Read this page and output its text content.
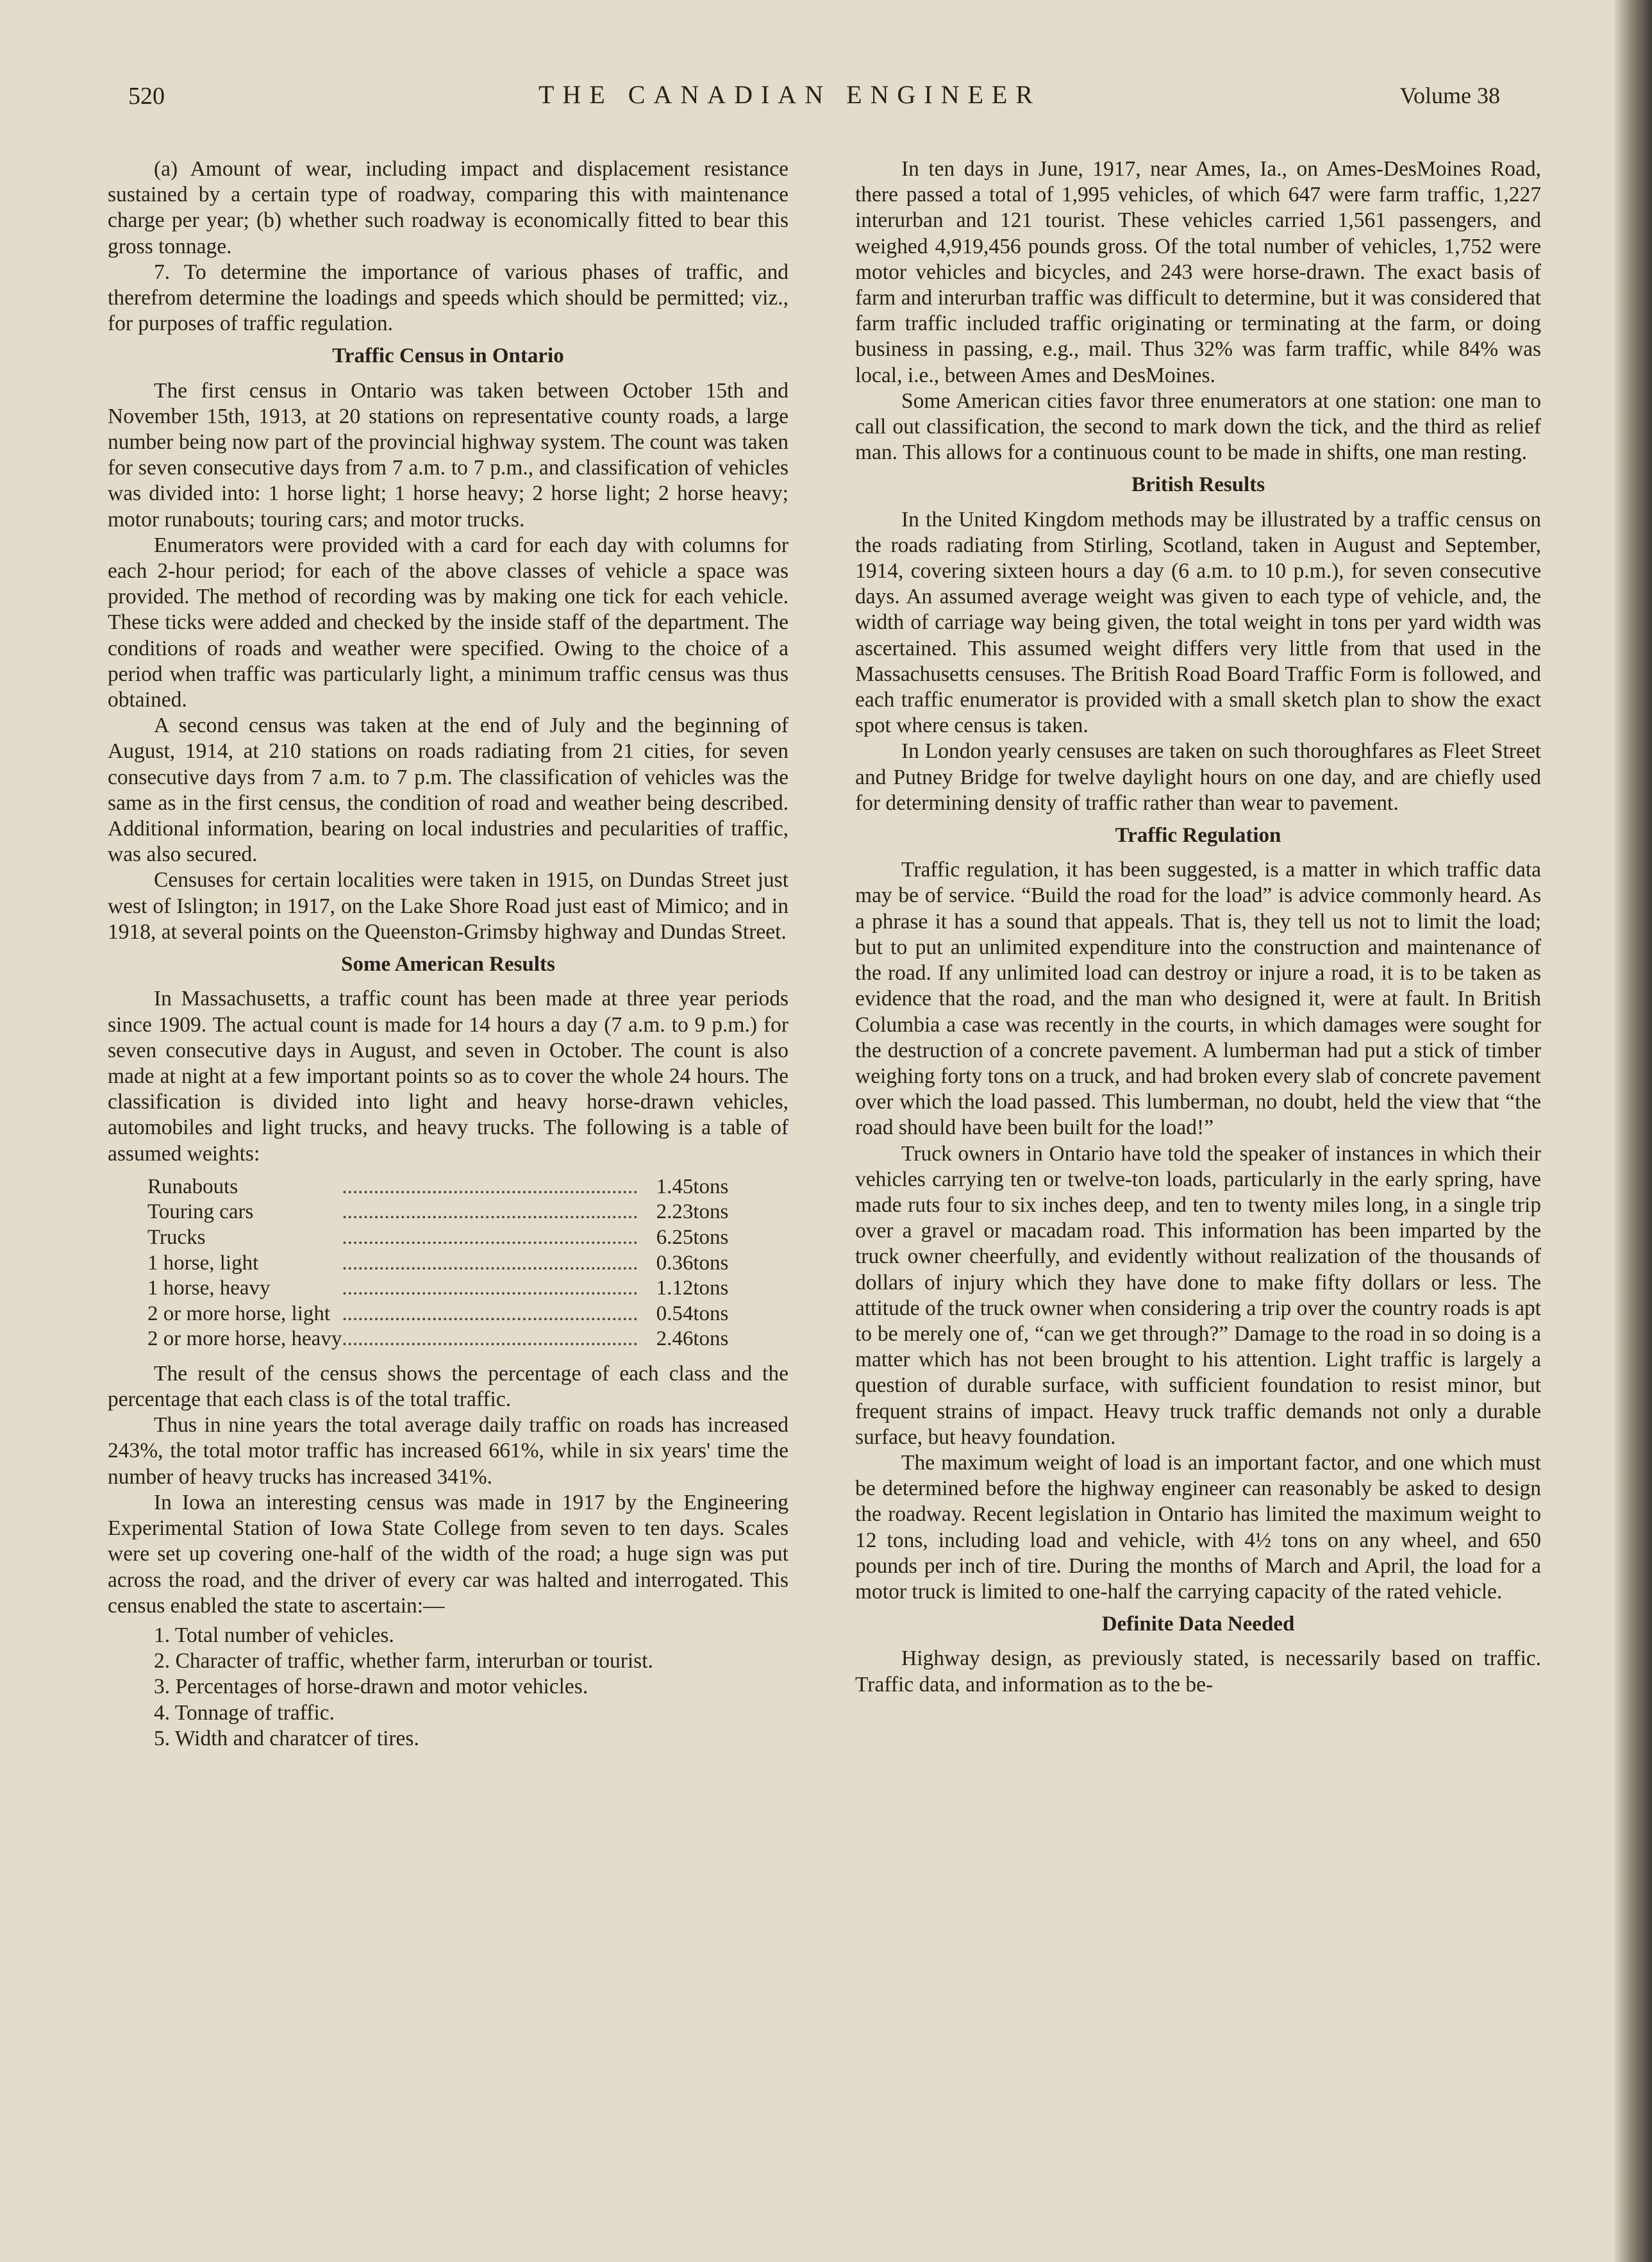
520	THE CANADIAN ENGINEER	Volume 38

(a) Amount of wear, including impact and displacement resistance sustained by a certain type of roadway, comparing this with maintenance charge per year; (b) whether such roadway is economically fitted to bear this gross tonnage.

7. To determine the importance of various phases of traffic, and therefrom determine the loadings and speeds which should be permitted; viz., for purposes of traffic regulation.

Traffic Census in Ontario

The first census in Ontario was taken between October 15th and November 15th, 1913, at 20 stations on representative county roads, a large number being now part of the provincial highway system. The count was taken for seven consecutive days from 7 a.m. to 7 p.m., and classification of vehicles was divided into: 1 horse light; 1 horse heavy; 2 horse light; 2 horse heavy; motor runabouts; touring cars; and motor trucks.

Enumerators were provided with a card for each day with columns for each 2-hour period; for each of the above classes of vehicle a space was provided. The method of recording was by making one tick for each vehicle. These ticks were added and checked by the inside staff of the department. The conditions of roads and weather were specified. Owing to the choice of a period when traffic was particularly light, a minimum traffic census was thus obtained.

A second census was taken at the end of July and the beginning of August, 1914, at 210 stations on roads radiating from 21 cities, for seven consecutive days from 7 a.m. to 7 p.m. The classification of vehicles was the same as in the first census, the condition of road and weather being described. Additional information, bearing on local industries and pecularities of traffic, was also secured.

Censuses for certain localities were taken in 1915, on Dundas Street just west of Islington; in 1917, on the Lake Shore Road just east of Mimico; and in 1918, at several points on the Queenston-Grimsby highway and Dundas Street.

Some American Results

In Massachusetts, a traffic count has been made at three year periods since 1909. The actual count is made for 14 hours a day (7 a.m. to 9 p.m.) for seven consecutive days in August, and seven in October. The count is also made at night at a few important points so as to cover the whole 24 hours. The classification is divided into light and heavy horse-drawn vehicles, automobiles and light trucks, and heavy trucks. The following is a table of assumed weights:

Runabouts	........................................................	1.45	tons
Touring cars	........................................................	2.23	tons
Trucks	........................................................	6.25	tons
1 horse, light	........................................................	0.36	tons
1 horse, heavy	........................................................	1.12	tons
2 or more horse, light	........................................................	0.54	tons
2 or more horse, heavy	........................................................	2.46	tons

The result of the census shows the percentage of each class and the percentage that each class is of the total traffic.

Thus in nine years the total average daily traffic on roads has increased 243%, the total motor traffic has increased 661%, while in six years' time the number of heavy trucks has increased 341%.

In Iowa an interesting census was made in 1917 by the Engineering Experimental Station of Iowa State College from seven to ten days. Scales were set up covering one-half of the width of the road; a huge sign was put across the road, and the driver of every car was halted and interrogated. This census enabled the state to ascertain:—

1. Total number of vehicles.
2. Character of traffic, whether farm, interurban or tourist.
3. Percentages of horse-drawn and motor vehicles.
4. Tonnage of traffic.
5. Width and charatcer of tires.

In ten days in June, 1917, near Ames, Ia., on Ames-DesMoines Road, there passed a total of 1,995 vehicles, of which 647 were farm traffic, 1,227 interurban and 121 tourist. These vehicles carried 1,561 passengers, and weighed 4,919,456 pounds gross. Of the total number of vehicles, 1,752 were motor vehicles and bicycles, and 243 were horse-drawn. The exact basis of farm and interurban traffic was difficult to determine, but it was considered that farm traffic included traffic originating or terminating at the farm, or doing business in passing, e.g., mail. Thus 32% was farm traffic, while 84% was local, i.e., between Ames and DesMoines.

Some American cities favor three enumerators at one station: one man to call out classification, the second to mark down the tick, and the third as relief man. This allows for a continuous count to be made in shifts, one man resting.

British Results

In the United Kingdom methods may be illustrated by a traffic census on the roads radiating from Stirling, Scotland, taken in August and September, 1914, covering sixteen hours a day (6 a.m. to 10 p.m.), for seven consecutive days. An assumed average weight was given to each type of vehicle, and, the width of carriage way being given, the total weight in tons per yard width was ascertained. This assumed weight differs very little from that used in the Massachusetts censuses. The British Road Board Traffic Form is followed, and each traffic enumerator is provided with a small sketch plan to show the exact spot where census is taken.

In London yearly censuses are taken on such thoroughfares as Fleet Street and Putney Bridge for twelve daylight hours on one day, and are chiefly used for determining density of traffic rather than wear to pavement.

Traffic Regulation

Traffic regulation, it has been suggested, is a matter in which traffic data may be of service. “Build the road for the load” is advice commonly heard. As a phrase it has a sound that appeals. That is, they tell us not to limit the load; but to put an unlimited expenditure into the construction and maintenance of the road. If any unlimited load can destroy or injure a road, it is to be taken as evidence that the road, and the man who designed it, were at fault. In British Columbia a case was recently in the courts, in which damages were sought for the destruction of a concrete pavement. A lumberman had put a stick of timber weighing forty tons on a truck, and had broken every slab of concrete pavement over which the load passed. This lumberman, no doubt, held the view that “the road should have been built for the load!”

Truck owners in Ontario have told the speaker of instances in which their vehicles carrying ten or twelve-ton loads, particularly in the early spring, have made ruts four to six inches deep, and ten to twenty miles long, in a single trip over a gravel or macadam road. This information has been imparted by the truck owner cheerfully, and evidently without realization of the thousands of dollars of injury which they have done to make fifty dollars or less. The attitude of the truck owner when considering a trip over the country roads is apt to be merely one of, “can we get through?” Damage to the road in so doing is a matter which has not been brought to his attention. Light traffic is largely a question of durable surface, with sufficient foundation to resist minor, but frequent strains of impact. Heavy truck traffic demands not only a durable surface, but heavy foundation.

The maximum weight of load is an important factor, and one which must be determined before the highway engineer can reasonably be asked to design the roadway. Recent legislation in Ontario has limited the maximum weight to 12 tons, including load and vehicle, with 4½ tons on any wheel, and 650 pounds per inch of tire. During the months of March and April, the load for a motor truck is limited to one-half the carrying capacity of the rated vehicle.

Definite Data Needed

Highway design, as previously stated, is necessarily based on traffic. Traffic data, and information as to the be-
